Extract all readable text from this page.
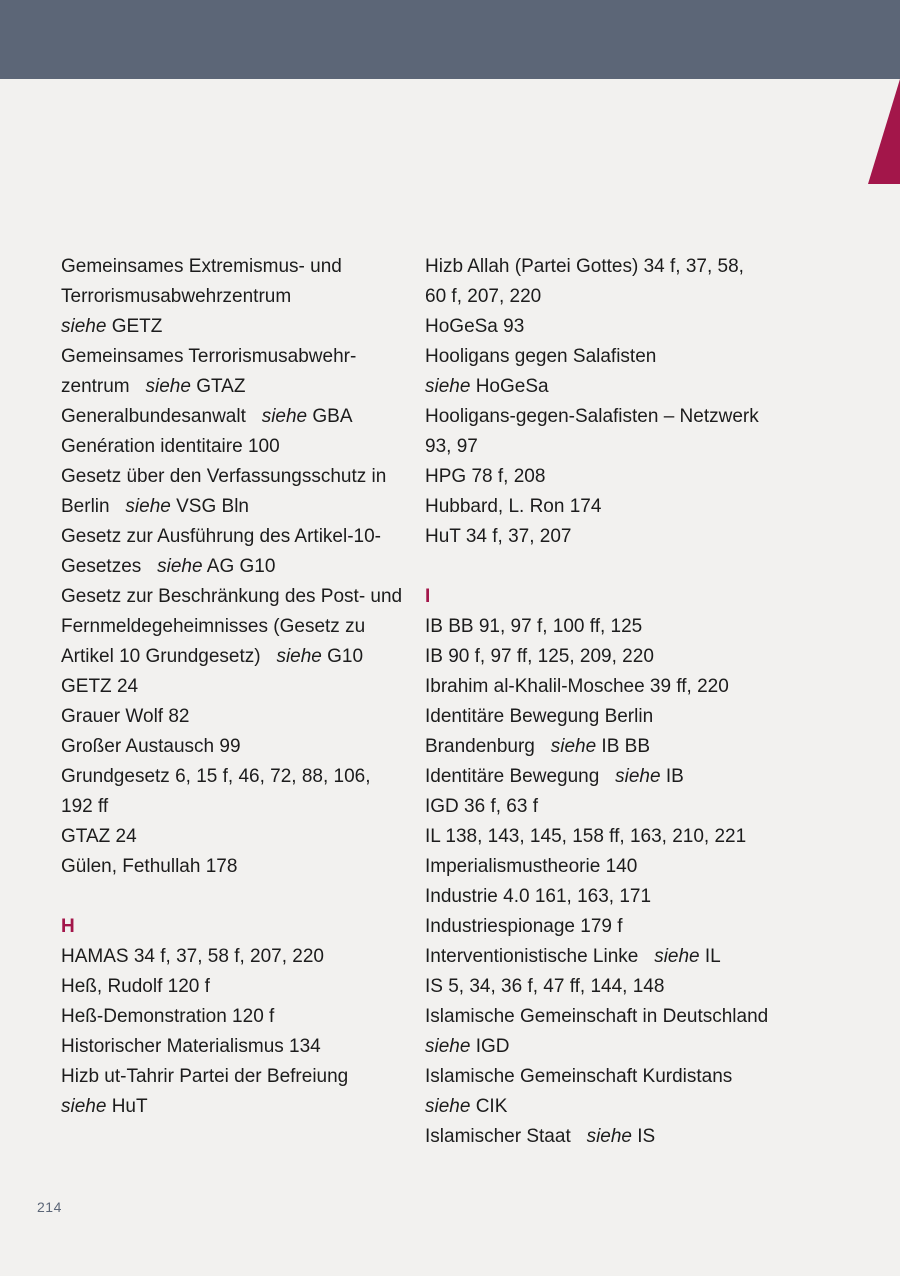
Gemeinsames Extremismus- und
Terrorismusabwehrzentrum
siehe GETZ
Gemeinsames Terrorismusabwehr-
zentrum siehe GTAZ
Generalbundesanwalt siehe GBA
Genération identitaire 100
Gesetz über den Verfassungsschutz in
Berlin siehe VSG Bln
Gesetz zur Ausführung des Artikel-10-
Gesetzes siehe AG G10
Gesetz zur Beschränkung des Post- und
Fernmeldegeheimnisses (Gesetz zu
Artikel 10 Grundgesetz) siehe G10
GETZ 24
Grauer Wolf 82
Großer Austausch 99
Grundgesetz 6, 15 f, 46, 72, 88, 106,
192 ff
GTAZ 24
Gülen, Fethullah 178
H
HAMAS 34 f, 37, 58 f, 207, 220
Heß, Rudolf 120 f
Heß-Demonstration 120 f
Historischer Materialismus 134
Hizb ut-Tahrir Partei der Befreiung
siehe HuT
Hizb Allah (Partei Gottes) 34 f, 37, 58,
60 f, 207, 220
HoGeSa 93
Hooligans gegen Salafisten
siehe HoGeSa
Hooligans-gegen-Salafisten – Netzwerk
93, 97
HPG 78 f, 208
Hubbard, L. Ron 174
HuT 34 f, 37, 207
I
IB BB 91, 97 f, 100 ff, 125
IB 90 f, 97 ff, 125, 209, 220
Ibrahim al-Khalil-Moschee 39 ff, 220
Identitäre Bewegung Berlin
Brandenburg siehe IB BB
Identitäre Bewegung siehe IB
IGD 36 f, 63 f
IL 138, 143, 145, 158 ff, 163, 210, 221
Imperialismustheorie 140
Industrie 4.0 161, 163, 171
Industriespionage 179 f
Interventionistische Linke siehe IL
IS 5, 34, 36 f, 47 ff, 144, 148
Islamische Gemeinschaft in Deutschland
siehe IGD
Islamische Gemeinschaft Kurdistans
siehe CIK
Islamischer Staat siehe IS
214
